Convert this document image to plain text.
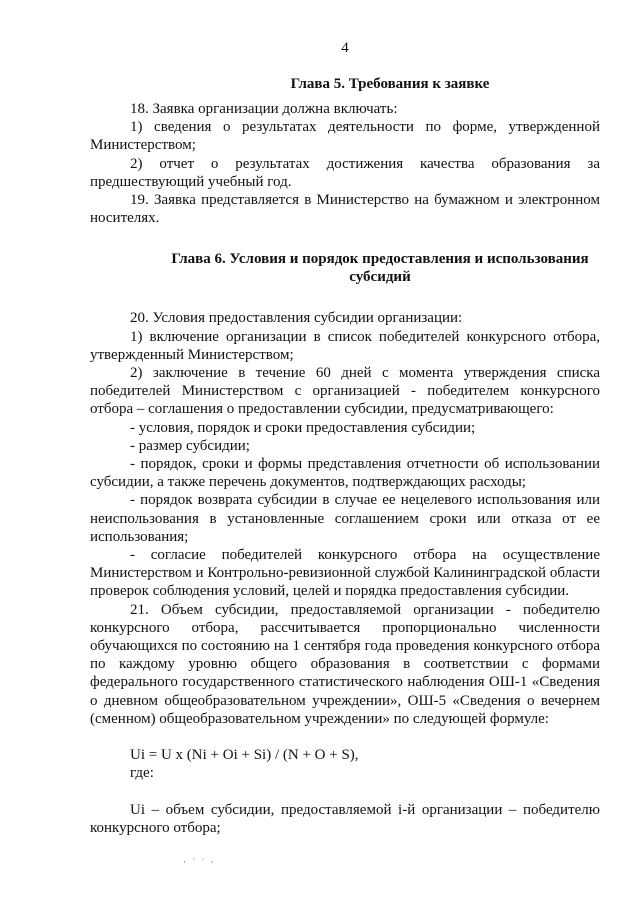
4
Глава 5. Требования к заявке

18. Заявка организации должна включать:

1) сведения о результатах деятельности по форме, утвержденной Министерством;

2) отчет о результатах достижения качества образования за предшествующий учебный год.

19. Заявка представляется в Министерство на бумажном и электронном носителях.

Глава 6. Условия и порядок предоставления и использования
субсидий

20. Условия предоставления субсидии организации:

1) включение организации в список победителей конкурсного отбора, утвержденный Министерством;

2) заключение в течение 60 дней с момента утверждения списка победителей Министерством с организацией - победителем конкурсного отбора – соглашения о предоставлении субсидии, предусматривающего:

- условия, порядок и сроки предоставления субсидии;

- размер субсидии;

- порядок, сроки и формы представления отчетности об использовании субсидии, а также перечень документов, подтверждающих расходы;

- порядок возврата субсидии в случае ее нецелевого использования или неиспользования в установленные соглашением сроки или отказа от ее использования;

- согласие победителей конкурсного отбора на осуществление Министерством и Контрольно-ревизионной службой Калининградской области проверок соблюдения условий, целей и порядка предоставления субсидии.

21. Объем субсидии, предоставляемой организации - победителю конкурсного отбора, рассчитывается пропорционально численности обучающихся по состоянию на 1 сентября года проведения конкурсного отбора по каждому уровню общего образования в соответствии с формами федерального государственного статистического наблюдения ОШ-1 «Сведения о дневном общеобразовательном учреждении», ОШ-5 «Сведения о вечернем (сменном) общеобразовательном учреждении» по следующей формуле:

Ui = U x (Ni + Oi + Si) / (N + O + S),

где:

Ui – объем субсидии, предоставляемой i-й организации – победителю конкурсного отбора;

· ˙ ˙ ·
